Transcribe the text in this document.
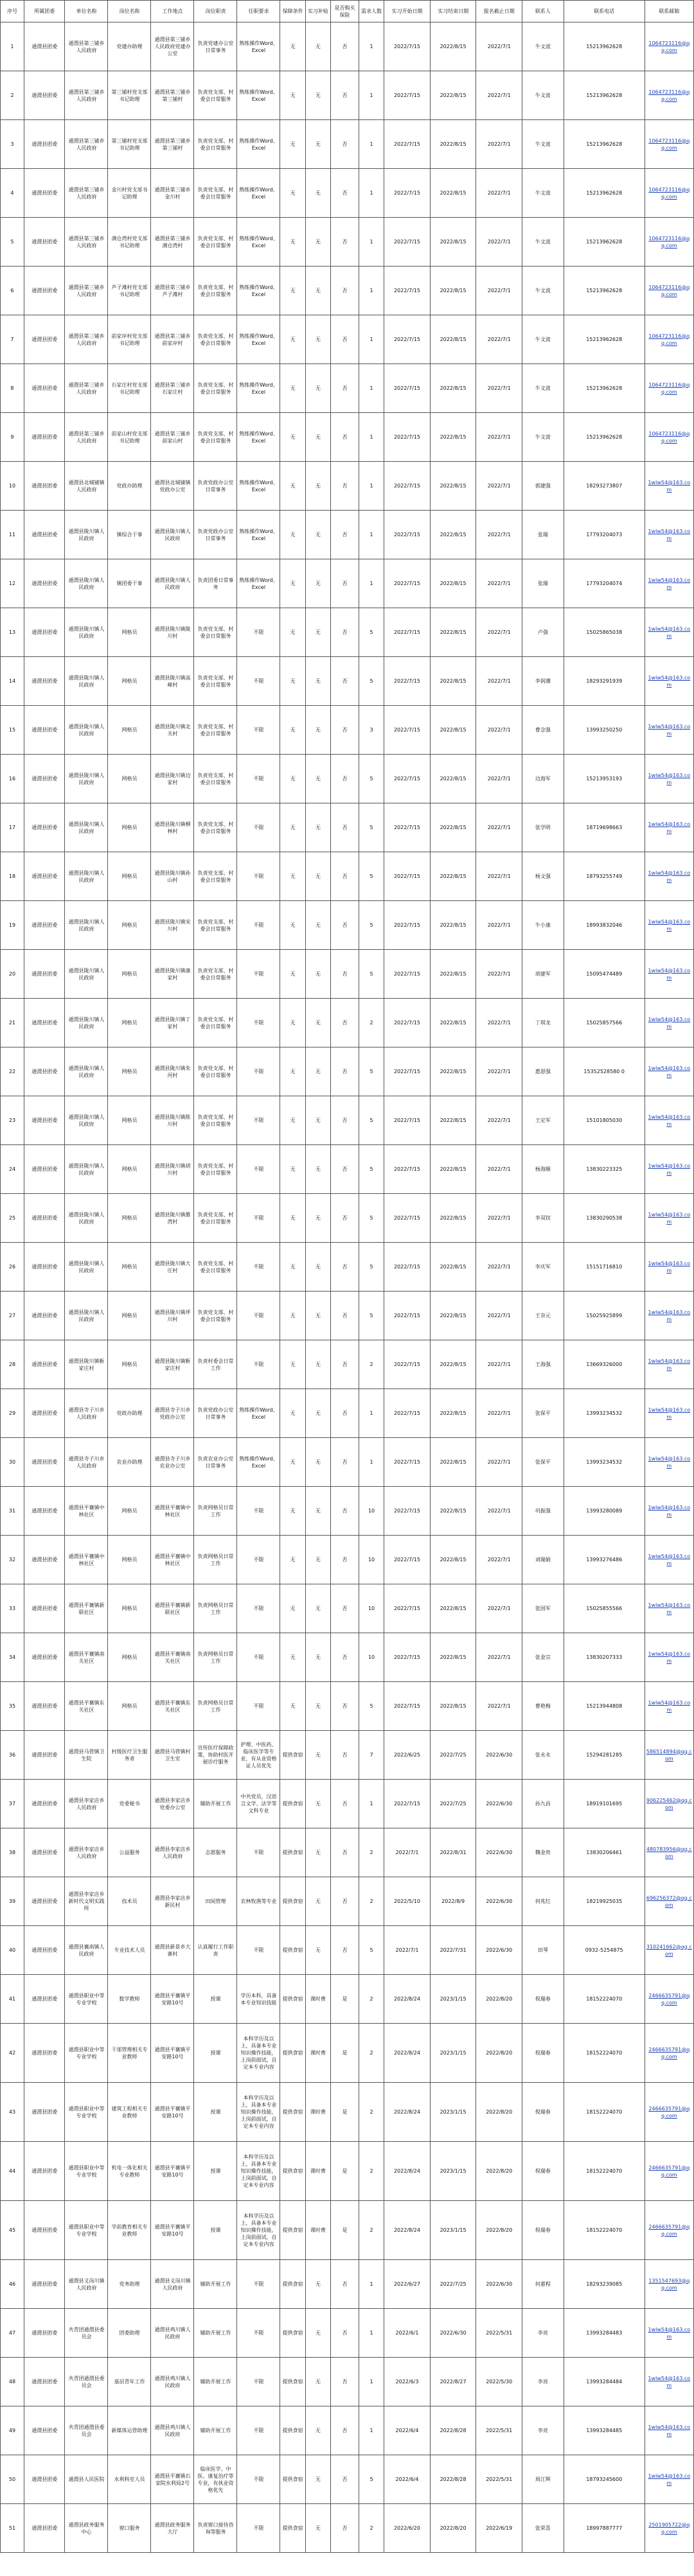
序号	所属团委	单位名称	岗位名称	工作地点	岗位职责	任职要求	保障条件	实习补贴	是否购买保险	需求人数	实习开始日期	实习结束日期	报名截止日期	联系人	联系电话	联系邮箱
1	通渭县团委	通渭县第三铺乡人民政府	党建办助理	通渭县第三铺乡人民政府党建办公室	负责党建办公室日常事务	熟练操作Word、Excel	无	无	否	1	2022/7/15	2022/8/15	2022/7/1	牛文波	15213962628	1064723116@qq.com
2	通渭县团委	通渭县第三铺乡人民政府	第三铺村党支部书记助理	通渭县第三铺乡第三铺村	负责党支部、村委会日常服务	熟练操作Word、Excel	无	无	否	1	2022/7/15	2022/8/15	2022/7/1	牛文波	15213962628	1064723116@qq.com
3	通渭县团委	通渭县第三铺乡人民政府	第三铺村党支部书记助理	通渭县第三铺乡第三铺村	负责党支部、村委会日常服务	熟练操作Word、Excel	无	无	否	1	2022/7/15	2022/8/15	2022/7/1	牛文波	15213962628	1064723116@qq.com
4	通渭县团委	通渭县第三铺乡人民政府	金川村党支部书记助理	通渭县第三铺乡金川村	负责党支部、村委会日常服务	熟练操作Word、Excel	无	无	否	1	2022/7/15	2022/8/15	2022/7/1	牛文波	15213962628	1064723116@qq.com
5	通渭县团委	通渭县第三铺乡人民政府	满仓湾村党支部书记助理	通渭县第三铺乡满仓湾村	负责党支部、村委会日常服务	熟练操作Word、Excel	无	无	否	1	2022/7/15	2022/8/15	2022/7/1	牛文波	15213962628	1064723116@qq.com
6	通渭县团委	通渭县第三铺乡人民政府	芦子滩村党支部书记助理	通渭县第三铺乡芦子滩村	负责党支部、村委会日常服务	熟练操作Word、Excel	无	无	否	1	2022/7/15	2022/8/15	2022/7/1	牛文波	15213962628	1064723116@qq.com
7	通渭县团委	通渭县第三铺乡人民政府	前家岸村党支部书记助理	通渭县第三铺乡前家岸村	负责党支部、村委会日常服务	熟练操作Word、Excel	无	无	否	1	2022/7/15	2022/8/15	2022/7/1	牛文波	15213962628	1064723116@qq.com
8	通渭县团委	通渭县第三铺乡人民政府	石家庄村党支部书记助理	通渭县第三铺乡石家庄村	负责党支部、村委会日常服务	熟练操作Word、Excel	无	无	否	1	2022/7/15	2022/8/15	2022/7/1	牛文波	15213962628	1064723116@qq.com
9	通渭县团委	通渭县第三铺乡人民政府	前家山村党支部书记助理	通渭县第三铺乡前家山村	负责党支部、村委会日常服务	熟练操作Word、Excel	无	无	否	1	2022/7/15	2022/8/15	2022/7/1	牛文波	15213962628	1064723116@qq.com
10	通渭县团委	通渭县北城铺镇人民政府	党政办助理	通渭县北城铺镇党政办公室	负责党政办公室日常事务	熟练操作Word、Excel	无	无	否	1	2022/7/15	2022/8/15	2022/7/1	郭建强	18293273807	1wlw54@163.com
11	通渭县团委	通渭县陇川镇人民政府	镇综合干事	通渭县陇川镇人民政府	负责党政办公室日常事务	熟练操作Word、Excel	无	无	否	1	2022/7/15	2022/8/15	2022/7/1	张瑞	17793204073	1wlw54@163.com
12	通渭县团委	通渭县陇川镇人民政府	镇团委干事	通渭县陇川镇人民政府	负责团委日常事务	熟练操作Word、Excel	无	无	否	1	2022/7/15	2022/8/15	2022/7/1	张瑞	17793204074	1wlw54@163.com
13	通渭县团委	通渭县陇川镇人民政府	网格员	通渭县陇川镇陇川村	负责党支部、村委会日常服务	不限	无	无	否	5	2022/7/15	2022/8/15	2022/7/1	卢强	15025865038	1wlw54@163.com
14	通渭县团委	通渭县陇川镇人民政府	网格员	通渭县陇川镇高峰村	负责党支部、村委会日常服务	不限	无	无	否	5	2022/7/15	2022/8/15	2022/7/1	李润潮	18293291939	1wlw54@163.com
15	通渭县团委	通渭县陇川镇人民政府	网格员	通渭县陇川镇北关村	负责党支部、村委会日常服务	不限	无	无	否	3	2022/7/15	2022/8/15	2022/7/1	曹念强	13993250250	1wlw54@163.com
16	通渭县团委	通渭县陇川镇人民政府	网格员	通渭县陇川镇边家村	负责党支部、村委会日常服务	不限	无	无	否	5	2022/7/15	2022/8/15	2022/7/1	边海军	15213953193	1wlw54@163.com
17	通渭县团委	通渭县陇川镇人民政府	网格员	通渭县陇川镇柳林村	负责党支部、村委会日常服务	不限	无	无	否	5	2022/7/15	2022/8/15	2022/7/1	张学明	18719698663	1wlw54@163.com
18	通渭县团委	通渭县陇川镇人民政府	网格员	通渭县陇川镇孙山村	负责党支部、村委会日常服务	不限	无	无	否	5	2022/7/15	2022/8/15	2022/7/1	杨文强	18793255749	1wlw54@163.com
19	通渭县团委	通渭县陇川镇人民政府	网格员	通渭县陇川镇宋川村	负责党支部、村委会日常服务	不限	无	无	否	5	2022/7/15	2022/8/15	2022/7/1	牛小康	18993832046	1wlw54@163.com
20	通渭县团委	通渭县陇川镇人民政府	网格员	通渭县陇川镇康家村	负责党支部、村委会日常服务	不限	无	无	否	5	2022/7/15	2022/8/15	2022/7/1	胡建军	15095474489	1wlw54@163.com
21	通渭县团委	通渭县陇川镇人民政府	网格员	通渭县陇川镇丁家村	负责党支部、村委会日常服务	不限	无	无	否	2	2022/7/15	2022/8/15	2022/7/1	丁琪龙	15025857566	1wlw54@163.com
22	通渭县团委	通渭县陇川镇人民政府	网格员	通渭县陇川镇朱河村	负责党支部、村委会日常服务	不限	无	无	否	5	2022/7/15	2022/8/15	2022/7/1	惠恩强	15352528580 0	1wlw54@163.com
23	通渭县团委	通渭县陇川镇人民政府	网格员	通渭县陇川镇陈川村	负责党支部、村委会日常服务	不限	无	无	否	5	2022/7/15	2022/8/15	2022/7/1	王定军	15101805030	1wlw54@163.com
24	通渭县团委	通渭县陇川镇人民政府	网格员	通渭县陇川镇胡川村	负责党支部、村委会日常服务	不限	无	无	否	5	2022/7/15	2022/8/15	2022/7/1	杨海顺	13830223325	1wlw54@163.com
25	通渭县团委	通渭县陇川镇人民政府	网格员	通渭县陇川镇雒湾村	负责党支部、村委会日常服务	不限	无	无	否	5	2022/7/15	2022/8/15	2022/7/1	李双钗	13830290538	1wlw54@163.com
26	通渭县团委	通渭县陇川镇人民政府	网格员	通渭县陇川镇大庄村	负责党支部、村委会日常服务	不限	无	无	否	5	2022/7/15	2022/8/15	2022/7/1	李庆军	15151716810	1wlw54@163.com
27	通渭县团委	通渭县陇川镇人民政府	网格员	通渭县陇川镇坪川村	负责党支部、村委会日常服务	不限	无	无	否	5	2022/7/15	2022/8/15	2022/7/1	王奈元	15025925899	1wlw54@163.com
28	通渭县团委	通渭县陇川镇靳家庄村	网格员	通渭县陇川镇靳家庄村	负责村委会日常工作	不限	无	无	否	2	2022/7/15	2022/8/15	2022/7/1	王海强	13669326000	1wlw54@163.com
29	通渭县团委	通渭县寺子川乡人民政府	党政办助理	通渭县寺子川乡党政办公室	负责党政办公室日常事务	熟练操作Word、Excel	无	无	否	1	2022/7/15	2022/8/15	2022/7/1	张保平	13993234532	1wlw54@163.com
30	通渭县团委	通渭县寺子川乡人民政府	农业办助理	通渭县寺子川乡农业办公室	负责农业办公室日常事务	熟练操作Word、Excel	无	无	否	1	2022/7/15	2022/8/15	2022/7/1	张保平	13993234532	1wlw54@163.com
31	通渭县团委	通渭县平襄镇中林社区	网格员	通渭县平襄镇中林社区	负责网格员日常工作	不限	无	无	否	10	2022/7/15	2022/8/15	2022/7/1	巩振强	13993280089	1wlw54@163.com
32	通渭县团委	通渭县平襄镇中林社区	网格员	通渭县平襄镇中林社区	负责网格员日常工作	不限	无	无	否	10	2022/7/15	2022/8/15	2022/7/1	刘瑞娟	13993276486	1wlw54@163.com
33	通渭县团委	通渭县平襄镇新联社区	网格员	通渭县平襄镇新联社区	负责网格员日常工作	不限	无	无	否	10	2022/7/15	2022/8/15	2022/7/1	张国军	15025855566	1wlw54@163.com
34	通渭县团委	通渭县平襄镇南关社区	网格员	通渭县平襄镇南关社区	负责网格员日常工作	不限	无	无	否	10	2022/7/15	2022/8/15	2022/7/1	张金宗	13830207333	1wlw54@163.com
35	通渭县团委	通渭县平襄镇东关社区	网格员	通渭县平襄镇东关社区	负责网格员日常工作	不限	无	无	否	5	2022/7/15	2022/8/15	2022/7/1	曹艳梅	15213944808	1wlw54@163.com
36	通渭县团委	通渭县马营镇卫生院	村级医疗卫生服务者	通渭县马营镇村卫生室	宣传医疗保障政策，协助村医开展诊疗服务	护理、中医药、临床医学等专业，有从业资格证人员优先	提供食宿	无	否	7	2022/6/25	2022/7/25	2022/6/30	张永永	15294281285	586514894@qq.com
37	通渭县团委	通渭县李家店乡人民政府	党委秘书	通渭县李家店乡党委办公室	辅助开展工作	中共党员，汉语言文学、法学等文科专业	提供食宿	无	否	1	2022/7/15	2022/7/25	2022/6/30	孙九昌	18919101695	906225462@qq.com
38	通渭县团委	通渭县李家店乡人民政府	公益服务	通渭县李家店乡人民政府	志愿服务	不限	提供食宿	无	否	2	2022/7/1	2022/8/31	2022/6/30	魏金贵	13830206461	480783956@qq.com
39	通渭县团委	通渭县李家店乡新时代文明实践所	技术员	通渭县李家店乡新民村	田间管理	农林牧渔等专业	提供食宿	无	否	2	2022/5/10	2022/8/9	2022/6/30	何兆红	18219925035	696256372@qq.com
40	通渭县团委	通渭县襄南镇人民政府	专业技术人员	通渭县新景乡大寨村	认真履行工作职责	不限	提供食宿	无	否	5	2022/7/1	2022/7/31	2022/6/30	田琴	0932-5254875	310241662@qq.com
41	通渭县团委	通渭县职业中等专业学校	数学教师	通渭县平襄镇平安路10号	授课	学历本科，具备本专业知识技能	提供食宿	课时费	是	2	2022/8/24	2023/1/15	2022/8/20	倪瑞春	18152224070	2466635791@qq.com
42	通渭县团委	通渭县职业中等专业学校	干部管理相关专业教师	通渭县平襄镇平安路10号	授课	本科学历及以上，具备本专业知识操作技能，上岗前面试，自定本专业内容	提供食宿	课时费	是	2	2022/8/24	2023/1/15	2022/8/20	倪瑞春	18152224070	2466635791@qq.com
43	通渭县团委	通渭县职业中等专业学校	建筑工程相关专业教师	通渭县平襄镇平安路10号	授课	本科学历及以上，具备本专业知识操作技能，上岗前面试，自定本专业内容	提供食宿	课时费	是	2	2022/8/24	2023/1/15	2022/8/20	倪瑞春	18152224070	2466635791@qq.com
44	通渭县团委	通渭县职业中等专业学校	机电一体化相关专业教师	通渭县平襄镇平安路10号	授课	本科学历及以上，具备本专业知识操作技能，上岗前面试，自定本专业内容	提供食宿	课时费	是	2	2022/8/24	2023/1/15	2022/8/20	倪瑞春	18152224070	2466635791@qq.com
45	通渭县团委	通渭县职业中等专业学校	学前教育相关专业教师	通渭县平襄镇平安路10号	授课	本科学历及以上，具备本专业知识操作技能，上岗前面试，自定本专业内容	提供食宿	课时费	是	2	2022/8/24	2023/1/15	2022/8/20	倪瑞春	18152224070	2466635791@qq.com
46	通渭县团委	通渭县义岗川镇人民政府	党务助理	通渭县义岗川镇人民政府	辅助开展工作	不限	提供食宿	无	否	1	2022/6/27	2022/7/25	2022/6/30	何嘉程	18293239085	1351547693@qq.com
47	通渭县团委	共青团通渭县委员会	团委助理	通渭县鸡川镇人民政府	辅助开展工作	不限	提供食宿	无	否	1	2022/6/1	2022/6/30	2022/5/31	李亮	13993284483	1wlw54@163.com
48	通渭县团委	共青团通渭县委员会	基层青年工作	通渭县鸡川镇人民政府	辅助开展工作	不限	提供食宿	无	否	1	2022/6/3	2022/8/27	2022/5/30	李亮	13993284484	1wlw54@163.com
49	通渭县团委	共青团通渭县委员会	新媒体运营助理	通渭县鸡川镇人民政府	辅助开展工作	不限	提供食宿	无	否	1	2022/6/4	2022/8/28	2022/5/31	李亮	13993284485	1wlw54@163.com
50	通渭县团委	通渭县人民医院	水利科室人员	通渭县平襄镇石家院水利局2号	临床医学、中医、康复治疗等专业，有执业资格优先	不限	提供食宿	无	否	5	2022/6/4	2022/8/28	2022/5/31	周江辉	18793245600	1wlw54@163.com
51	通渭县团委	通渭县政务服务中心	窗口服务	通渭县政务服务大厅	负责窗口接待咨询等服务	不限	提供食宿	无	否	2	2022/6/20	2022/8/20	2022/6/19	张荣喜	18997887777	2501905722@qq.com
